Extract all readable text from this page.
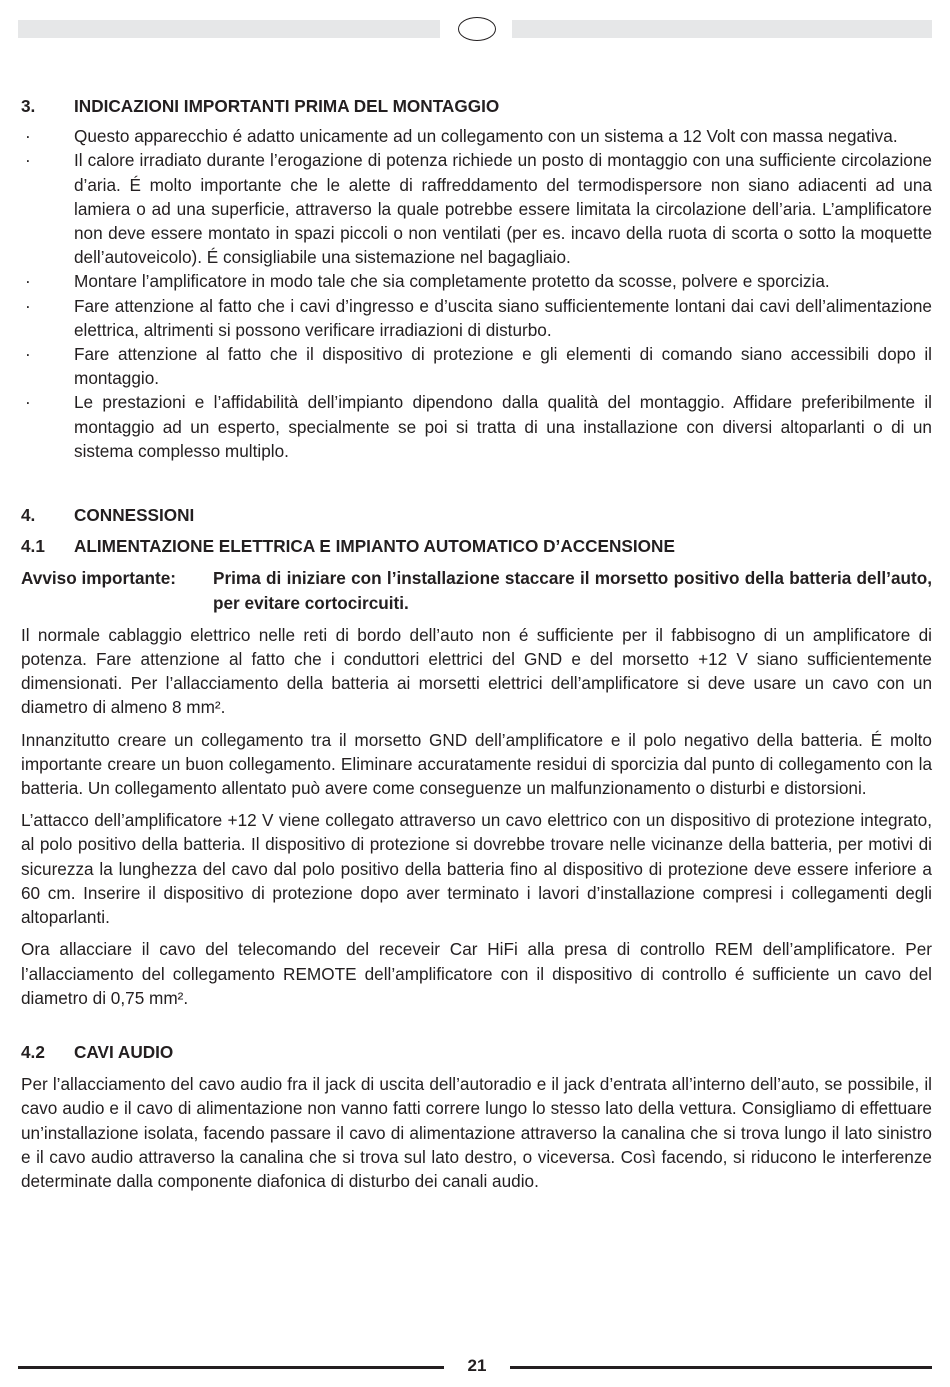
3.	INDICAZIONI IMPORTANTI PRIMA DEL MONTAGGIO
·	Questo apparecchio é adatto unicamente ad un collegamento con un sistema a 12 Volt con massa negativa.
·	Il calore irradiato durante l’erogazione di potenza richiede un posto di montaggio con una sufficiente circolazione d’aria. É molto importante che le alette di raffreddamento del termodispersore non siano adiacenti ad una lamiera o ad una superficie, attraverso la quale potrebbe essere limitata la circolazione dell’aria. L’amplificatore non deve essere montato in spazi piccoli o non ventilati (per es. incavo della ruota di scorta o sotto la moquette dell’autoveicolo). É consigliabile una sistemazione nel bagagliaio.
·	Montare l’amplificatore in modo tale che sia completamente protetto da scosse, polvere e sporcizia.
·	Fare attenzione al fatto che i cavi d’ingresso e d’uscita siano sufficientemente lontani dai cavi dell’alimentazione elettrica, altrimenti si possono verificare irradiazioni di disturbo.
·	Fare attenzione al fatto che il dispositivo di protezione e gli elementi di comando siano accessibili dopo il montaggio.
·	Le prestazioni e l’affidabilità dell’impianto dipendono dalla qualità del montaggio. Affidare preferibilmente il montaggio ad un esperto, specialmente se poi si tratta di una installazione con diversi altoparlanti o di un sistema complesso multiplo.
4.	CONNESSIONI
4.1	ALIMENTAZIONE ELETTRICA E IMPIANTO AUTOMATICO D’ACCENSIONE
Avviso importante:	Prima di iniziare con l’installazione staccare il morsetto positivo della batteria dell’auto, per evitare cortocircuiti.

Il normale cablaggio elettrico nelle reti di bordo dell’auto non é sufficiente per il fabbisogno di un amplificatore di potenza. Fare attenzione al fatto che i conduttori elettrici del GND e del morsetto +12 V siano sufficientemente dimensionati. Per l’allacciamento della batteria ai morsetti elettrici dell’amplificatore si deve usare un cavo con un diametro di almeno 8 mm².

Innanzitutto creare un collegamento tra il morsetto GND dell’amplificatore e il polo negativo della batteria. É molto importante creare un buon collegamento. Eliminare accuratamente residui di sporcizia dal punto di collegamento con la batteria. Un collegamento allentato può avere come conseguenze un malfunzionamento o disturbi e distorsioni.

L’attacco dell’amplificatore +12 V viene collegato attraverso un cavo elettrico con un dispositivo di protezione integrato, al polo positivo della batteria. Il dispositivo di protezione si dovrebbe trovare nelle vicinanze della batteria, per motivi di sicurezza la lunghezza del cavo dal polo positivo della batteria fino al dispositivo di protezione deve essere inferiore a 60 cm. Inserire il dispositivo di protezione dopo aver terminato i lavori d’installazione compresi i collegamenti degli altoparlanti.

Ora allacciare il cavo del telecomando del receveir Car HiFi alla presa di controllo REM dell’amplificatore. Per l’allacciamento del collegamento REMOTE dell’amplificatore con il dispositivo di controllo é sufficiente un cavo del diametro di 0,75 mm².

4.2	CAVI AUDIO

Per l’allacciamento del cavo audio fra il jack di uscita dell’autoradio e il jack d’entrata all’interno dell’auto, se possibile, il cavo audio e il cavo di alimentazione non vanno fatti correre lungo lo stesso lato della vettura. Consigliamo di effettuare un’installazione isolata, facendo passare il cavo di alimentazione attraverso la canalina che si trova lungo il lato sinistro e il cavo audio attraverso la canalina che si trova sul lato destro, o viceversa. Così facendo, si riducono le interferenze determinate dalla componente diafonica di disturbo dei canali audio.

21
